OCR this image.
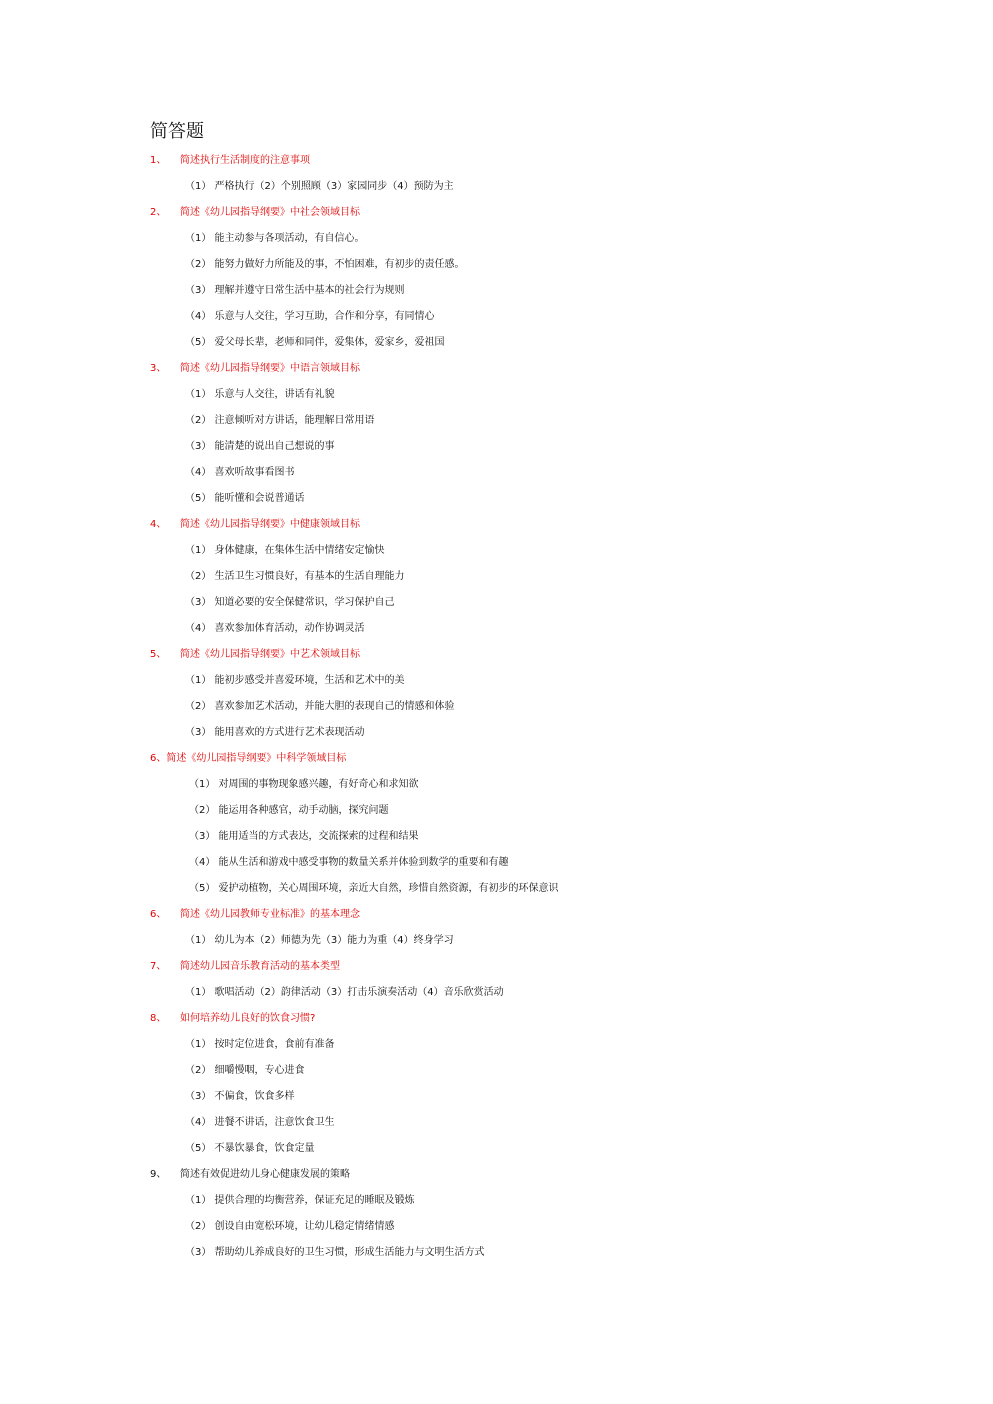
简答题
1、 简述执行生活制度的注意事项
（1） 严格执行（2）个别照顾（3）家园同步（4）预防为主
2、 简述《幼儿园指导纲要》中社会领域目标
（1） 能主动参与各项活动，有自信心。
（2） 能努力做好力所能及的事，不怕困难，有初步的责任感。
（3） 理解并遵守日常生活中基本的社会行为规则
（4） 乐意与人交往，学习互助，合作和分享，有同情心
（5） 爱父母长辈，老师和同伴，爱集体，爱家乡，爱祖国
3、 简述《幼儿园指导纲要》中语言领域目标
（1） 乐意与人交往，讲话有礼貌
（2） 注意倾听对方讲话，能理解日常用语
（3） 能清楚的说出自己想说的事
（4） 喜欢听故事看图书
（5） 能听懂和会说普通话
4、 简述《幼儿园指导纲要》中健康领域目标
（1） 身体健康，在集体生活中情绪安定愉快
（2） 生活卫生习惯良好，有基本的生活自理能力
（3） 知道必要的安全保健常识，学习保护自己
（4） 喜欢参加体育活动，动作协调灵活
5、 简述《幼儿园指导纲要》中艺术领域目标
（1） 能初步感受并喜爱环境，生活和艺术中的美
（2） 喜欢参加艺术活动，并能大胆的表现自己的情感和体验
（3） 能用喜欢的方式进行艺术表现活动
6、简述《幼儿园指导纲要》中科学领域目标
（1） 对周围的事物现象感兴趣，有好奇心和求知欲
（2） 能运用各种感官，动手动脑，探究问题
（3） 能用适当的方式表达，交流探索的过程和结果
（4） 能从生活和游戏中感受事物的数量关系并体验到数学的重要和有趣
（5） 爱护动植物，关心周围环境，亲近大自然，珍惜自然资源，有初步的环保意识
6、 简述《幼儿园教师专业标准》的基本理念
（1） 幼儿为本（2）师德为先（3）能力为重（4）终身学习
7、 简述幼儿园音乐教育活动的基本类型
（1） 歌唱活动（2）韵律活动（3）打击乐演奏活动（4）音乐欣赏活动
8、 如何培养幼儿良好的饮食习惯?
（1） 按时定位进食，食前有准备
（2） 细嚼慢咽，专心进食
（3） 不偏食，饮食多样
（4） 进餐不讲话，注意饮食卫生
（5） 不暴饮暴食，饮食定量
9、 简述有效促进幼儿身心健康发展的策略
（1） 提供合理的均衡营养，保证充足的睡眠及锻炼
（2） 创设自由宽松环境，让幼儿稳定情绪情感
（3） 帮助幼儿养成良好的卫生习惯，形成生活能力与文明生活方式
